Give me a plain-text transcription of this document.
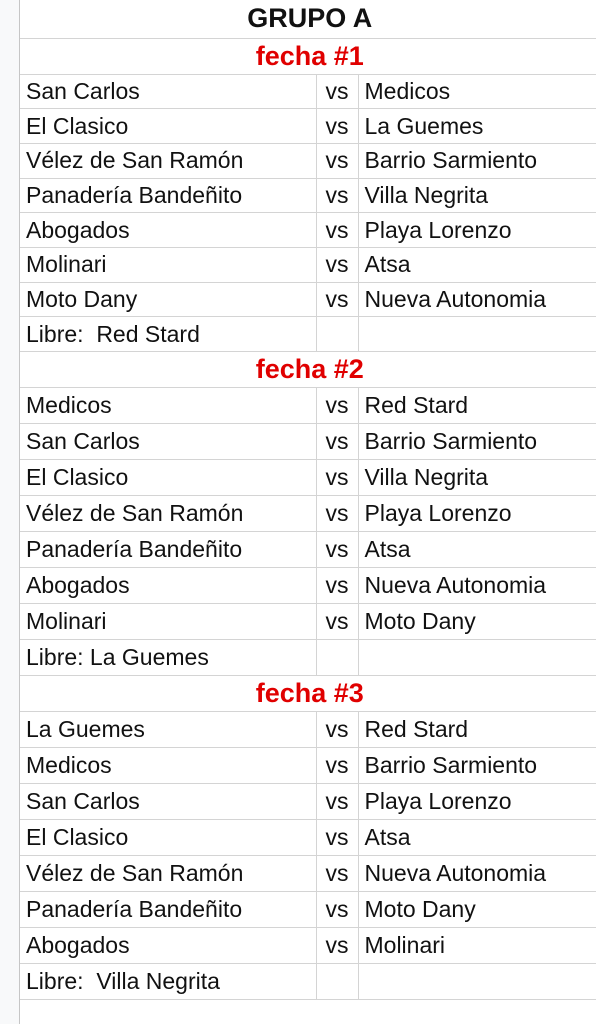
GRUPO A		
fecha #1		
San Carlos	vs	Medicos
El Clasico	vs	La Guemes
Vélez de San Ramón	vs	Barrio Sarmiento
Panadería Bandeñito	vs	Villa Negrita
Abogados	vs	Playa Lorenzo
Molinari	vs	Atsa
Moto Dany	vs	Nueva Autonomia
Libre:  Red Stard		
fecha #2		
Medicos	vs	Red Stard
San Carlos	vs	Barrio Sarmiento
El Clasico	vs	Villa Negrita
Vélez de San Ramón	vs	Playa Lorenzo
Panadería Bandeñito	vs	Atsa
Abogados	vs	Nueva Autonomia
Molinari	vs	Moto Dany
Libre: La Guemes		
fecha #3		
La Guemes	vs	Red Stard
Medicos	vs	Barrio Sarmiento
San Carlos	vs	Playa Lorenzo
El Clasico	vs	Atsa
Vélez de San Ramón	vs	Nueva Autonomia
Panadería Bandeñito	vs	Moto Dany
Abogados	vs	Molinari
Libre:  Villa Negrita		
